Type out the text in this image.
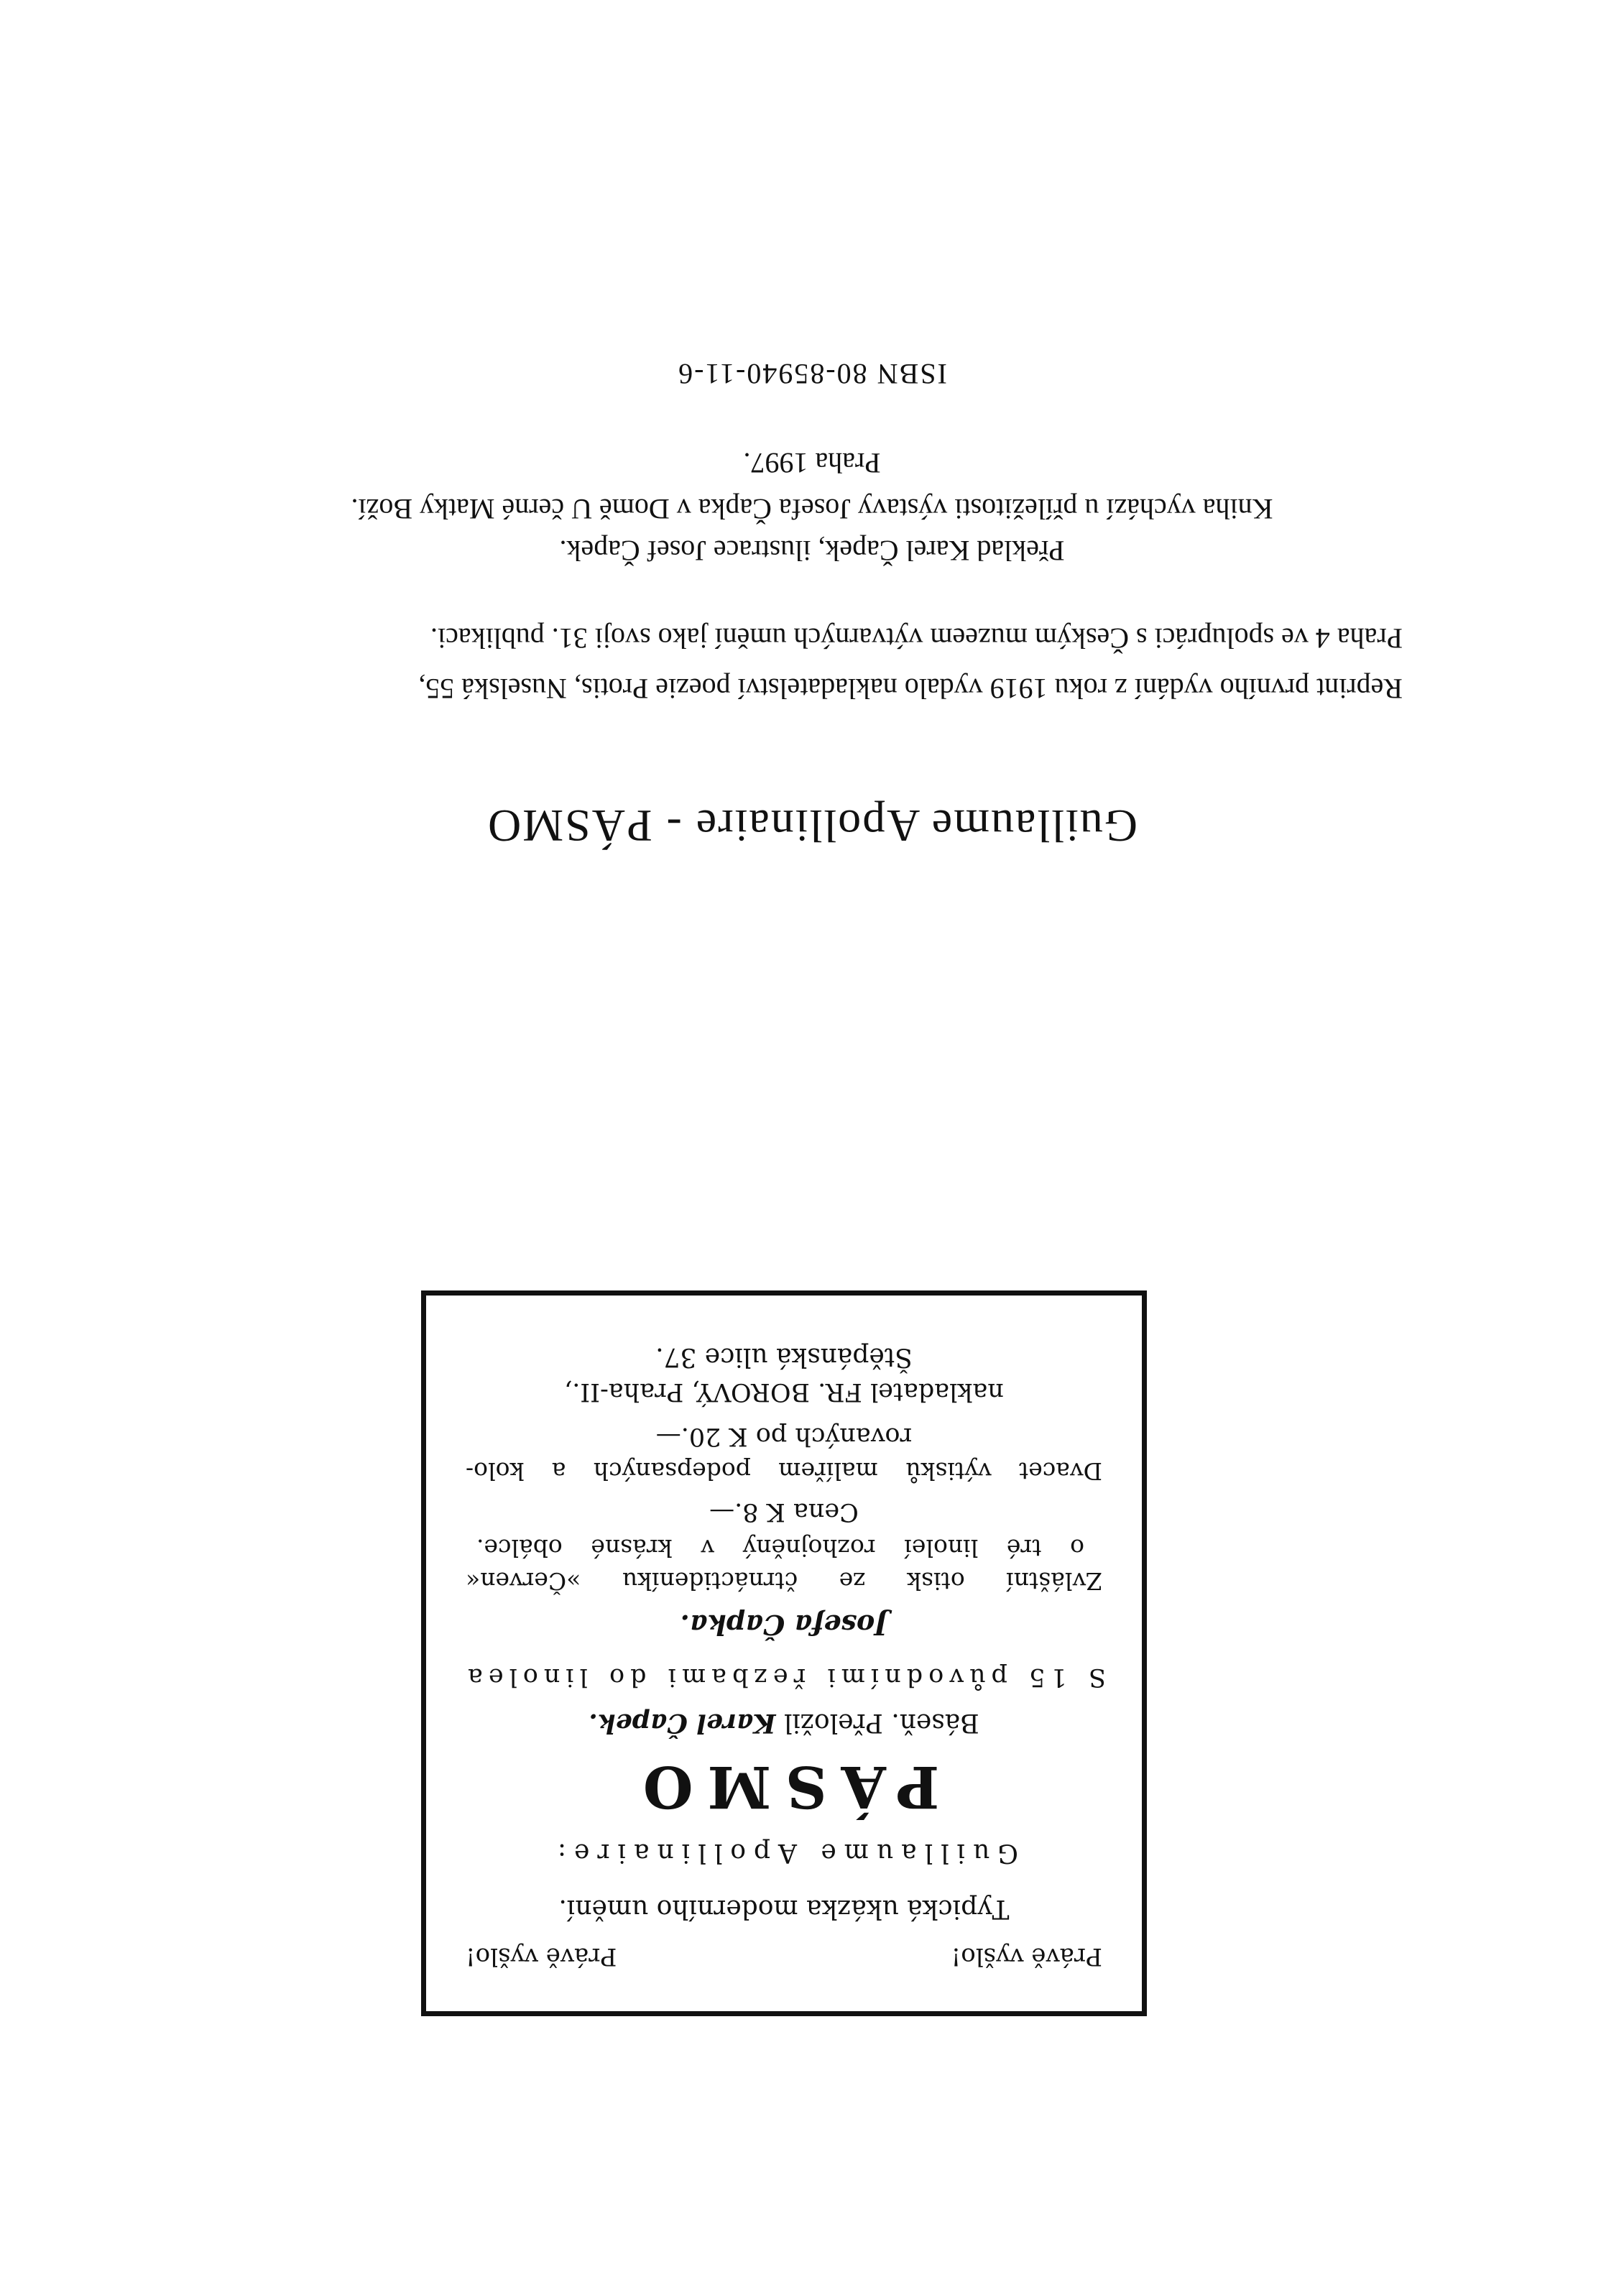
Právě vyšlo!
Právě vyšlo!
Typická ukázka moderního umění.
Guillaume Apollinaire:
PÁSMO
Báseň. Přeložil Karel Čapek.
S 15 původními řezbami do linolea
Josefa Čapka.
Zvláštní otisk ze čtrnáctideníku »Červen«
o tré linoleí rozhojněný v krásné obálce.
Cena K 8.—
Dvacet výtisků malířem podepsaných a kolo-
rovaných po K 20.—
nakladatel FR. BOROVÝ, Praha-II.,
Štěpánská ulice 37.
Guillaume Apollinaire - PÁSMO
Reprint prvního vydání z roku 1919 vydalo nakladatelství poezie Protis, Nuselská 55,
Praha 4 ve spolupráci s Českým muzeem výtvarných umění jako svoji 31. publikaci.
Překlad Karel Čapek, ilustrace Josef Čapek.
Kniha vychází u příležitosti výstavy Josefa Čapka v Domě U černé Matky Boží.
Praha 1997.
ISBN 80-85940-11-6
